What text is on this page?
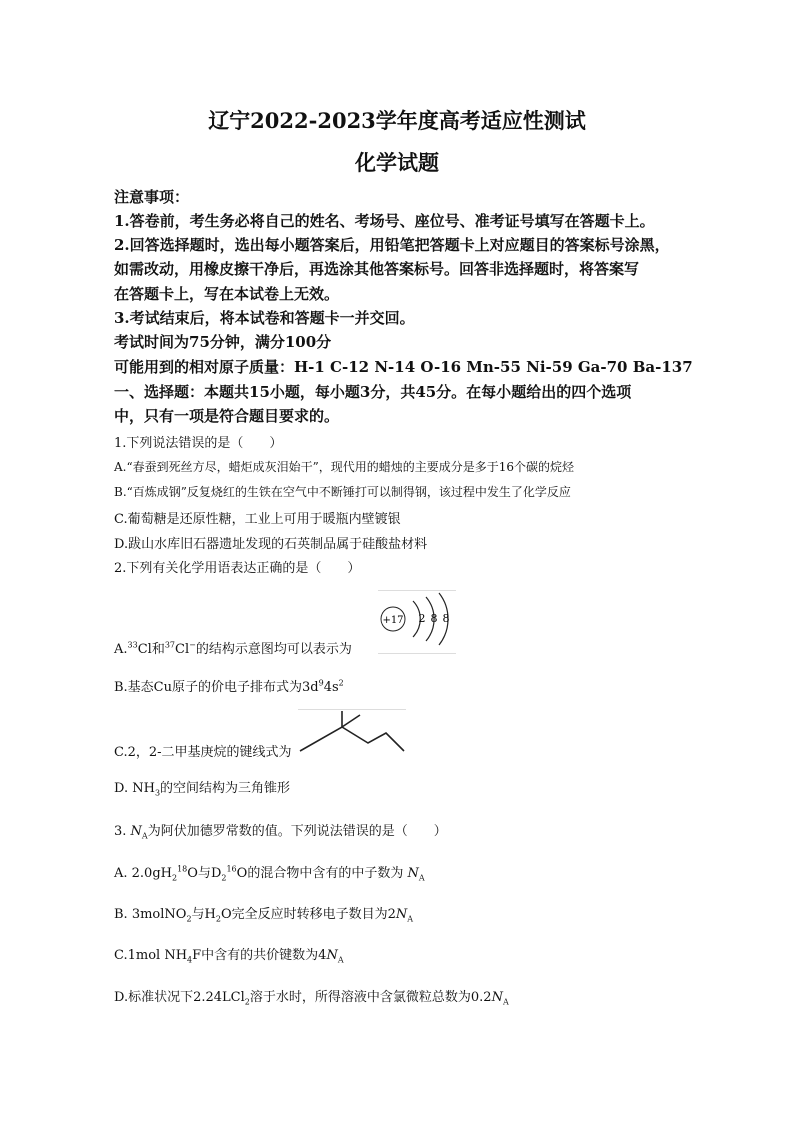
辽宁2022-2023学年度高考适应性测试
化学试题
注意事项：
1.答卷前，考生务必将自己的姓名、考场号、座位号、准考证号填写在答题卡上。
2.回答选择题时，选出每小题答案后，用铅笔把答题卡上对应题目的答案标号涂黑，
如需改动，用橡皮擦干净后，再选涂其他答案标号。回答非选择题时，将答案写
在答题卡上，写在本试卷上无效。
3.考试结束后，将本试卷和答题卡一并交回。
考试时间为75分钟，满分100分
可能用到的相对原子质量：H-1 C-12 N-14 O-16 Mn-55 Ni-59 Ga-70 Ba-137
一、选择题：本题共15小题，每小题3分，共45分。在每小题给出的四个选项
中，只有一项是符合题目要求的。
1.下列说法错误的是（　　）
A.“春蚕到死丝方尽，蜡炬成灰泪始干”，现代用的蜡烛的主要成分是多于16个碳的烷烃
B.“百炼成钢”反复烧红的生铁在空气中不断锤打可以制得钢，该过程中发生了化学反应
C.葡萄糖是还原性糖，工业上可用于暖瓶内壁镀银
D.跋山水库旧石器遗址发现的石英制品属于硅酸盐材料
2.下列有关化学用语表达正确的是（　　）
A.$^{33}$Cl和$^{37}$Cl−的结构示意图均可以表示为
+17 2 8 8
B.基态Cu原子的价电子排布式为$3d^94s^2$
C.2，2-二甲基庚烷的键线式为
D. $NH_3$的空间结构为三角锥形
3. $N_A$为阿伏加德罗常数的值。下列说法错误的是（　　）
A. $2.0gH_2^{18}O$与$D_2^{16}O$的混合物中含有的中子数为 $N_A$
B. 3molNO$_2$与$H_2O$完全反应时转移电子数目为$2N_A$
C.1mol $NH_4F$中含有的共价键数为$4N_A$
D.标准状况下2.24LCl$_2$溶于水时，所得溶液中含氯微粒总数为$0.2N_A$
